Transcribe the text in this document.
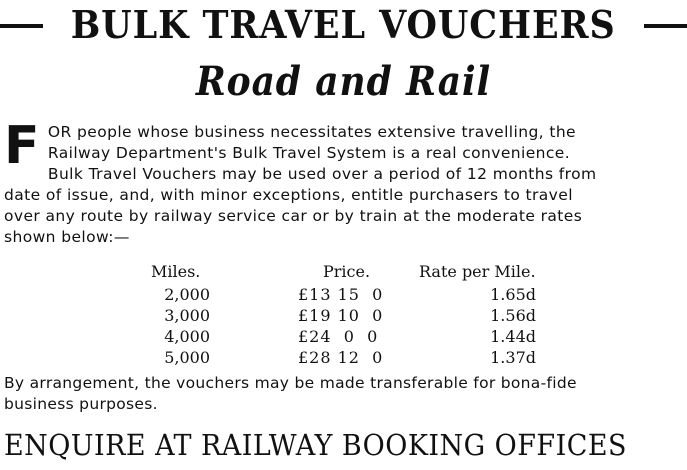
BULK TRAVEL VOUCHERS
Road and Rail
F OR people whose business necessitates extensive travelling, the
Railway Department's Bulk Travel System is a real convenience.
Bulk Travel Vouchers may be used over a period of 12 months from
date of issue, and, with minor exceptions, entitle purchasers to travel
over any route by railway service car or by train at the moderate rates
shown below:—
Miles.	Price.	Rate per Mile.
2,000	£13 15  0	1.65d
3,000	£19 10  0	1.56d
4,000	£24  0  0	1.44d
5,000	£28 12  0	1.37d
By arrangement, the vouchers may be made transferable for bona-fide
business purposes.
ENQUIRE AT RAILWAY BOOKING OFFICES
